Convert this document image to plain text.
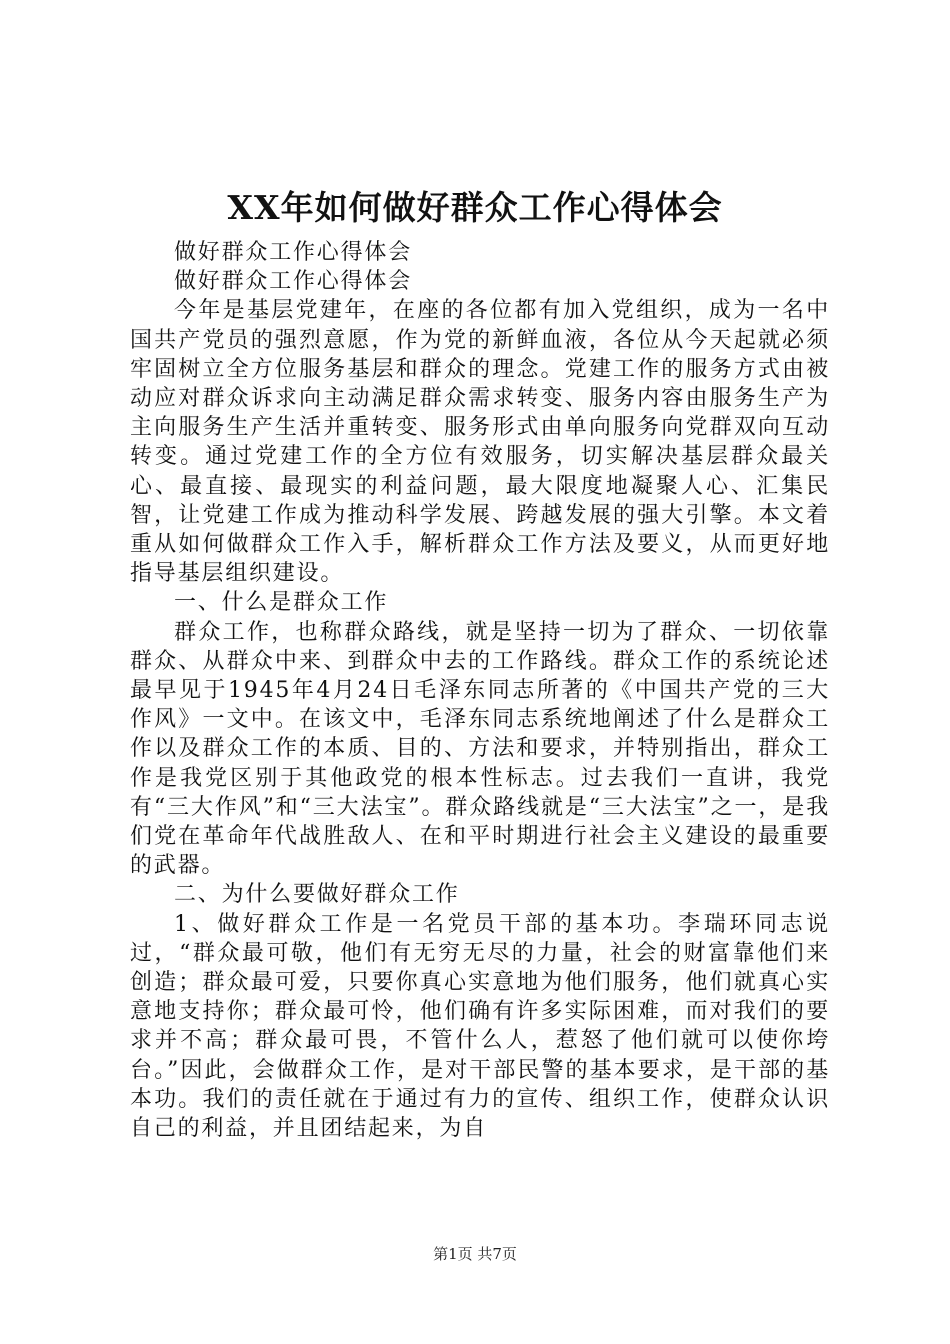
XX年如何做好群众工作心得体会

做好群众工作心得体会

做好群众工作心得体会

今年是基层党建年，在座的各位都有加入党组织，成为一名中国共产党员的强烈意愿，作为党的新鲜血液，各位从今天起就必须牢固树立全方位服务基层和群众的理念。党建工作的服务方式由被动应对群众诉求向主动满足群众需求转变、服务内容由服务生产为主向服务生产生活并重转变、服务形式由单向服务向党群双向互动转变。通过党建工作的全方位有效服务，切实解决基层群众最关心、最直接、最现实的利益问题，最大限度地凝聚人心、汇集民智，让党建工作成为推动科学发展、跨越发展的强大引擎。本文着重从如何做群众工作入手，解析群众工作方法及要义，从而更好地指导基层组织建设。

一、什么是群众工作

群众工作，也称群众路线，就是坚持一切为了群众、一切依靠群众、从群众中来、到群众中去的工作路线。群众工作的系统论述最早见于1945年4月24日毛泽东同志所著的《中国共产党的三大作风》一文中。在该文中，毛泽东同志系统地阐述了什么是群众工作以及群众工作的本质、目的、方法和要求，并特别指出，群众工作是我党区别于其他政党的根本性标志。过去我们一直讲，我党有“三大作风”和“三大法宝”。群众路线就是“三大法宝”之一，是我们党在革命年代战胜敌人、在和平时期进行社会主义建设的最重要的武器。

二、为什么要做好群众工作

1、做好群众工作是一名党员干部的基本功。李瑞环同志说过，“群众最可敬，他们有无穷无尽的力量，社会的财富靠他们来创造；群众最可爱，只要你真心实意地为他们服务，他们就真心实意地支持你；群众最可怜，他们确有许多实际困难，而对我们的要求并不高；群众最可畏，不管什么人，惹怒了他们就可以使你垮台。”因此，会做群众工作，是对干部民警的基本要求，是干部的基本功。我们的责任就在于通过有力的宣传、组织工作，使群众认识自己的利益，并且团结起来，为自

第1页 共7页
